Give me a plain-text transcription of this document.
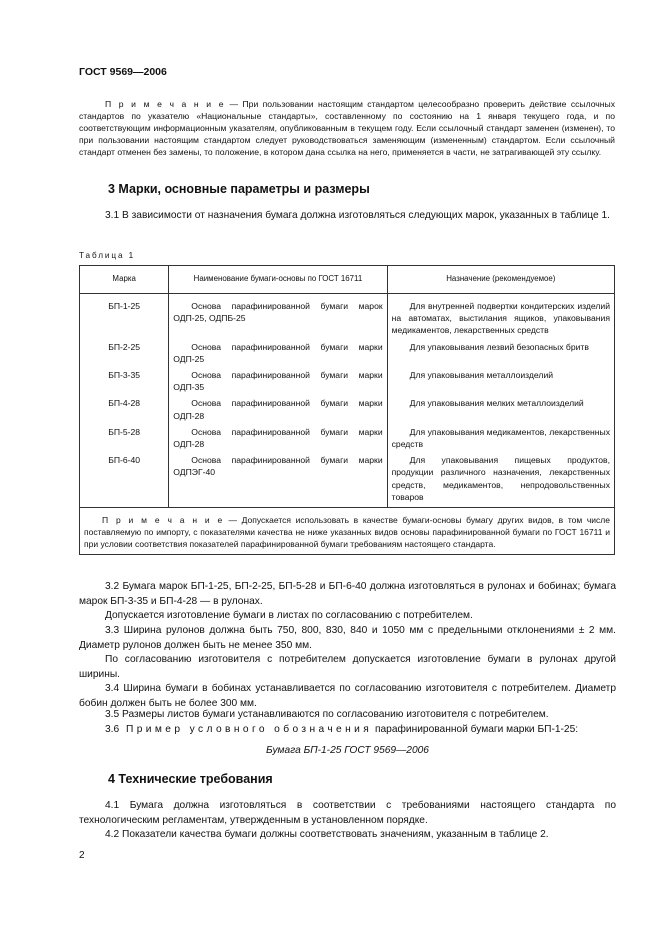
ГОСТ 9569—2006
П р и м е ч а н и е — При пользовании настоящим стандартом целесообразно проверить действие ссылочных стандартов по указателю «Национальные стандарты», составленному по состоянию на 1 января текущего года, и по соответствующим информационным указателям, опубликованным в текущем году. Если ссылочный стандарт заменен (изменен), то при пользовании настоящим стандартом следует руководствоваться заменяющим (измененным) стандартом. Если ссылочный стандарт отменен без замены, то положение, в котором дана ссылка на него, применяется в части, не затрагивающей эту ссылку.
3 Марки, основные параметры и размеры
3.1 В зависимости от назначения бумага должна изготовляться следующих марок, указанных в таблице 1.
Таблица 1
Марка	Наименование бумаги-основы по ГОСТ 16711	Назначение (рекомендуемое)
БП-1-25	Основа парафинированной бумаги марок ОДП-25, ОДПБ-25	Для внутренней подвертки кондитерских изделий на автоматах, выстилания ящиков, упаковывания медикаментов, лекарственных средств
БП-2-25	Основа парафинированной бумаги марки ОДП-25	Для упаковывания лезвий безопасных бритв
БП-3-35	Основа парафинированной бумаги марки ОДП-35	Для упаковывания металлоизделий
БП-4-28	Основа парафинированной бумаги марки ОДП-28	Для упаковывания мелких металлоизделий
БП-5-28	Основа парафинированной бумаги марки ОДП-28	Для упаковывания медикаментов, лекарственных средств
БП-6-40	Основа парафинированной бумаги марки ОДПЭГ-40	Для упаковывания пищевых продуктов, продукции различного назначения, лекарственных средств, медикаментов, непродовольственных товаров
П р и м е ч а н и е — Допускается использовать в качестве бумаги-основы бумагу других видов, в том числе поставляемую по импорту, с показателями качества не ниже указанных видов основы парафинированной бумаги по ГОСТ 16711 и при условии соответствия показателей парафинированной бумаги требованиям настоящего стандарта.		
3.2 Бумага марок БП-1-25, БП-2-25, БП-5-28 и БП-6-40 должна изготовляться в рулонах и бобинах; бумага марок БП-3-35 и БП-4-28 — в рулонах.
Допускается изготовление бумаги в листах по согласованию с потребителем.
3.3 Ширина рулонов должна быть 750, 800, 830, 840 и 1050 мм с предельными отклонениями ± 2 мм. Диаметр рулонов должен быть не менее 350 мм.
По согласованию изготовителя с потребителем допускается изготовление бумаги в рулонах другой ширины.
3.4 Ширина бумаги в бобинах устанавливается по согласованию изготовителя с потребителем. Диаметр бобин должен быть не более 300 мм.
3.5 Размеры листов бумаги устанавливаются по согласованию изготовителя с потребителем.
3.6 Пример условного обозначения парафинированной бумаги марки БП-1-25:
Бумага БП-1-25 ГОСТ 9569—2006
4 Технические требования
4.1 Бумага должна изготовляться в соответствии с требованиями настоящего стандарта по технологическим регламентам, утвержденным в установленном порядке.
4.2 Показатели качества бумаги должны соответствовать значениям, указанным в таблице 2.
2
